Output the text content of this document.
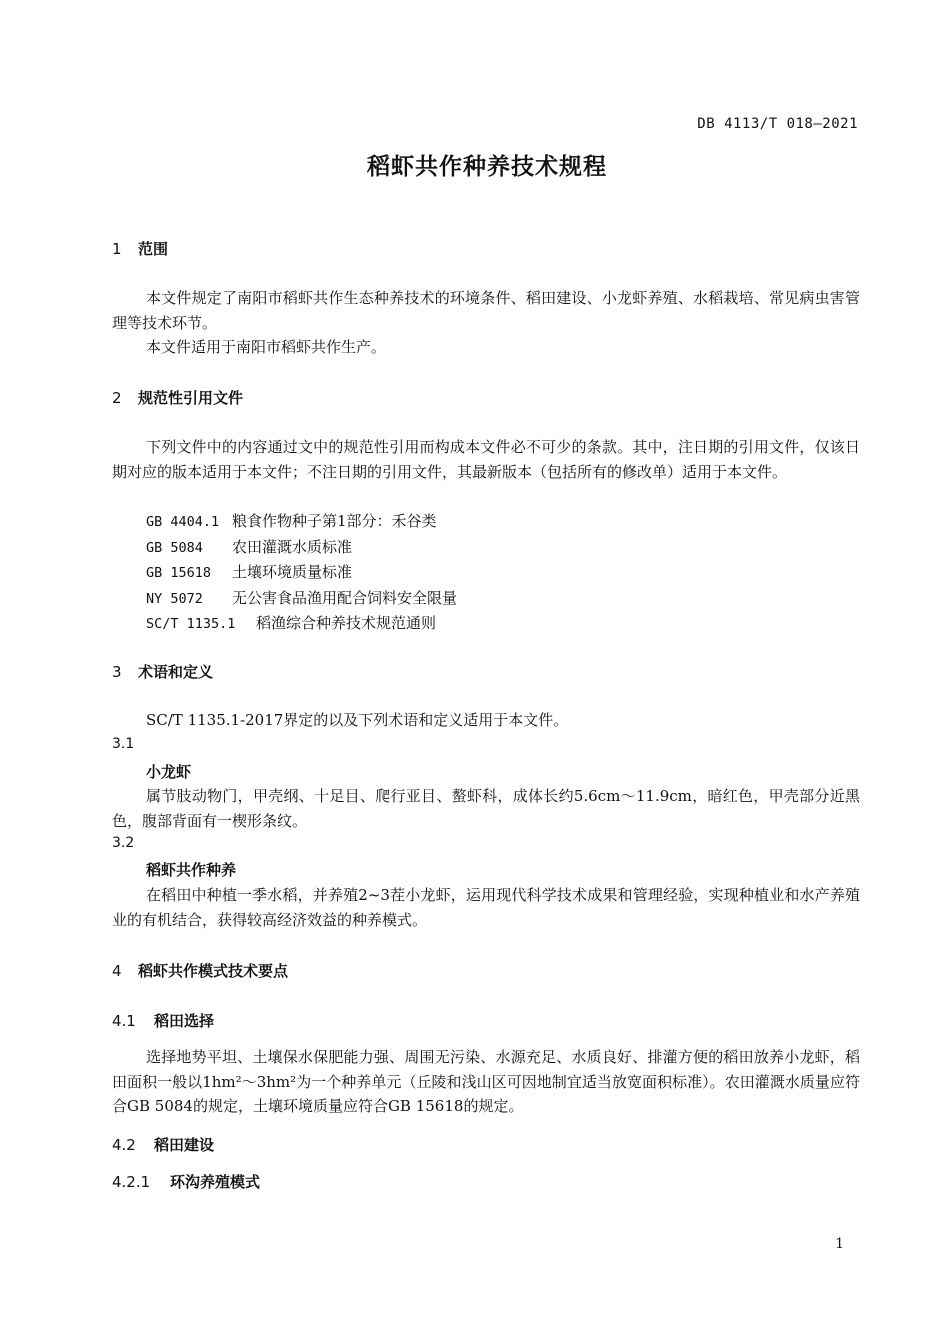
DB 4113/T 018—2021
稻虾共作种养技术规程
1 范围
本文件规定了南阳市稻虾共作生态种养技术的环境条件、稻田建设、小龙虾养殖、水稻栽培、常见病虫害管理等技术环节。
本文件适用于南阳市稻虾共作生产。
2 规范性引用文件
下列文件中的内容通过文中的规范性引用而构成本文件必不可少的条款。其中，注日期的引用文件，仅该日期对应的版本适用于本文件；不注日期的引用文件，其最新版本（包括所有的修改单）适用于本文件。
GB 4404.1 粮食作物种子第1部分：禾谷类
GB 5084 农田灌溉水质标准
GB 15618 土壤环境质量标准
NY 5072 无公害食品渔用配合饲料安全限量
SC/T 1135.1 稻渔综合种养技术规范通则
3 术语和定义
SC/T 1135.1-2017界定的以及下列术语和定义适用于本文件。
3.1
小龙虾
属节肢动物门，甲壳纲、十足目、爬行亚目、螯虾科，成体长约5.6cm～11.9cm，暗红色，甲壳部分近黑色，腹部背面有一楔形条纹。
3.2
稻虾共作种养
在稻田中种植一季水稻，并养殖2~3茬小龙虾，运用现代科学技术成果和管理经验，实现种植业和水产养殖业的有机结合，获得较高经济效益的种养模式。
4 稻虾共作模式技术要点
4.1 稻田选择
选择地势平坦、土壤保水保肥能力强、周围无污染、水源充足、水质良好、排灌方便的稻田放养小龙虾，稻田面积一般以1hm²～3hm²为一个种养单元（丘陵和浅山区可因地制宜适当放宽面积标准）。农田灌溉水质量应符合GB 5084的规定，土壤环境质量应符合GB 15618的规定。
4.2 稻田建设
4.2.1 环沟养殖模式
1
